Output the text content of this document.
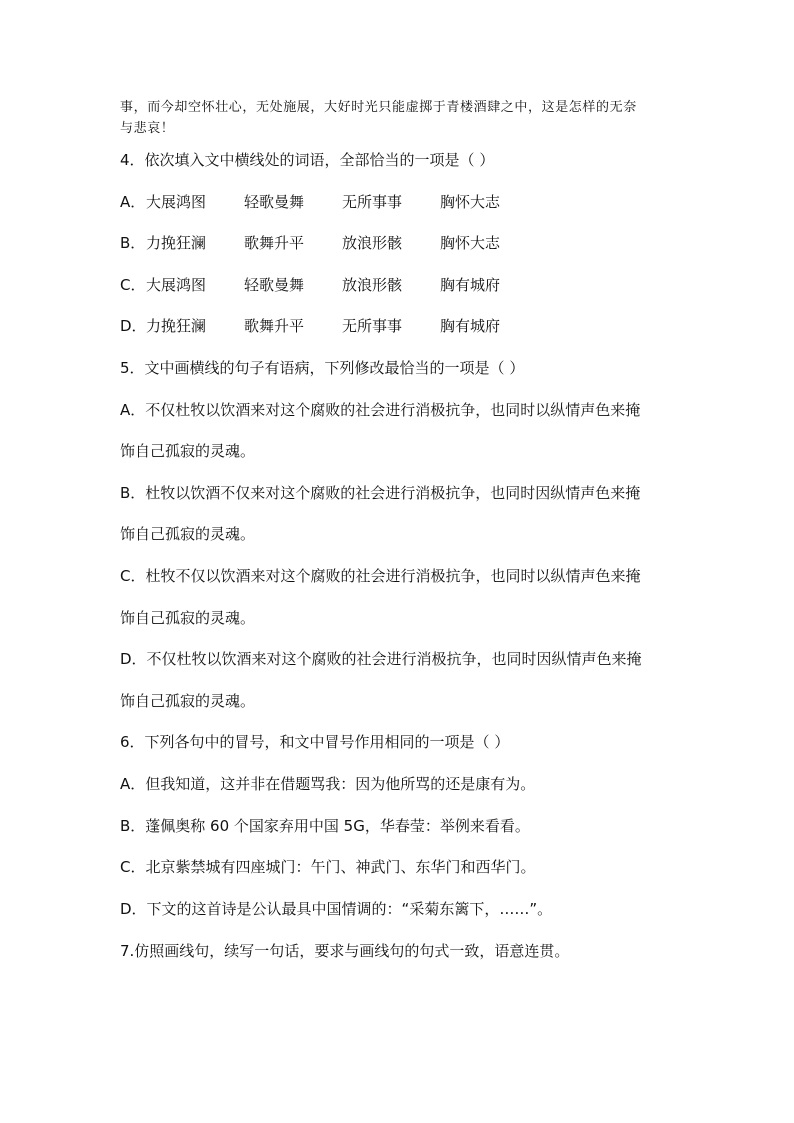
事，而今却空怀壮心，无处施展，大好时光只能虚掷于青楼酒肆之中，这是怎样的无奈
与悲哀！
4．依次填入文中横线处的词语，全部恰当的一项是（ ）
A．大展鸿图	轻歌曼舞	无所事事	胸怀大志
B．力挽狂澜	歌舞升平	放浪形骸	胸怀大志
C．大展鸿图	轻歌曼舞	放浪形骸	胸有城府
D．力挽狂澜	歌舞升平	无所事事	胸有城府
5．文中画横线的句子有语病，下列修改最恰当的一项是（ ）
A．不仅杜牧以饮酒来对这个腐败的社会进行消极抗争，也同时以纵情声色来掩
饰自己孤寂的灵魂。
B．杜牧以饮酒不仅来对这个腐败的社会进行消极抗争，也同时因纵情声色来掩
饰自己孤寂的灵魂。
C．杜牧不仅以饮酒来对这个腐败的社会进行消极抗争，也同时以纵情声色来掩
饰自己孤寂的灵魂。
D．不仅杜牧以饮酒来对这个腐败的社会进行消极抗争，也同时因纵情声色来掩
饰自己孤寂的灵魂。
6．下列各句中的冒号，和文中冒号作用相同的一项是（ ）
A．但我知道，这并非在借题骂我：因为他所骂的还是康有为。
B．蓬佩奥称 60 个国家弃用中国 5G，华春莹：举例来看看。
C．北京紫禁城有四座城门：午门、神武门、东华门和西华门。
D．下文的这首诗是公认最具中国情调的：“采菊东篱下，……”。
7.仿照画线句，续写一句话，要求与画线句的句式一致，语意连贯。
